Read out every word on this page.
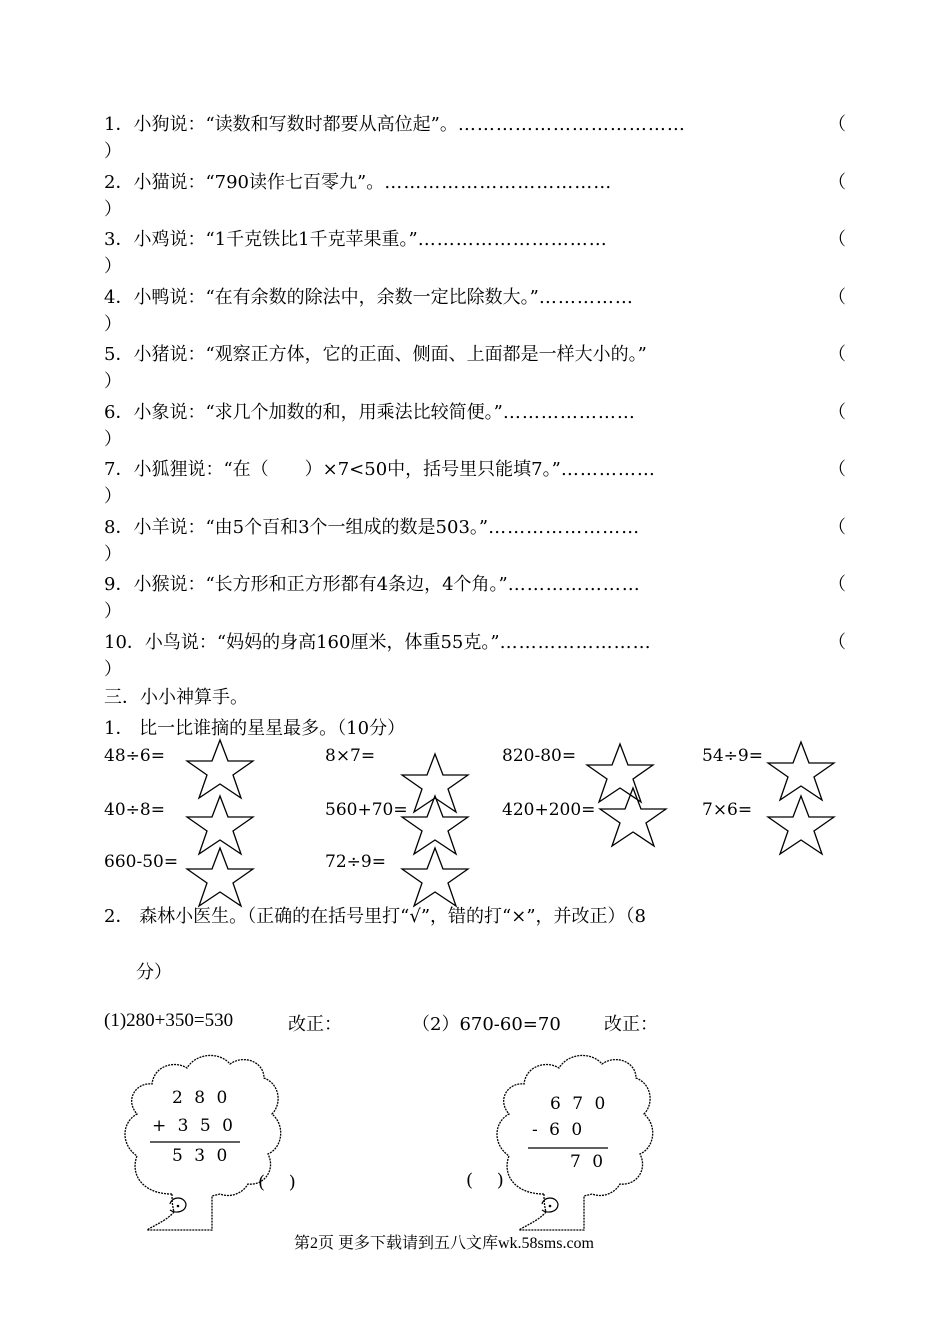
1．小狗说：“读数和写数时都要从高位起”。………………………………	（
）
2．小猫说：“790读作七百零九”。………………………………	（
）
3．小鸡说：“1千克铁比1千克苹果重。”…………………………	（
）
4．小鸭说：“在有余数的除法中，余数一定比除数大。”……………	（
）
5．小猪说：“观察正方体，它的正面、侧面、上面都是一样大小的。”	（
）
6．小象说：“求几个加数的和，用乘法比较简便。”…………………	（
）
7．小狐狸说：“在（　　）×7<50中，括号里只能填7。”……………	（
）
8．小羊说：“由5个百和3个一组成的数是503。”……………………	（
）
9．小猴说：“长方形和正方形都有4条边，4个角。”…………………	（
）
10．小鸟说：“妈妈的身高160厘米，体重55克。”……………………	（
）
三．小小神算手。
1． 比一比谁摘的星星最多。（10分）
48÷6=	8×7=	820-80=	54÷9=
40÷8=	560+70=	420+200=	7×6=
660-50=	72÷9=
2． 森林小医生。（正确的在括号里打“√”，错的打“×”，并改正）（8
分）
(1)280+350=530	改正：	（2）670-60=70 改正：
2 8 0
+ 3 5 0
5 3 0
(　 )
6 7 0
- 6 0
7 0
(　 )
第2页 更多下载请到五八文库wk.58sms.com
